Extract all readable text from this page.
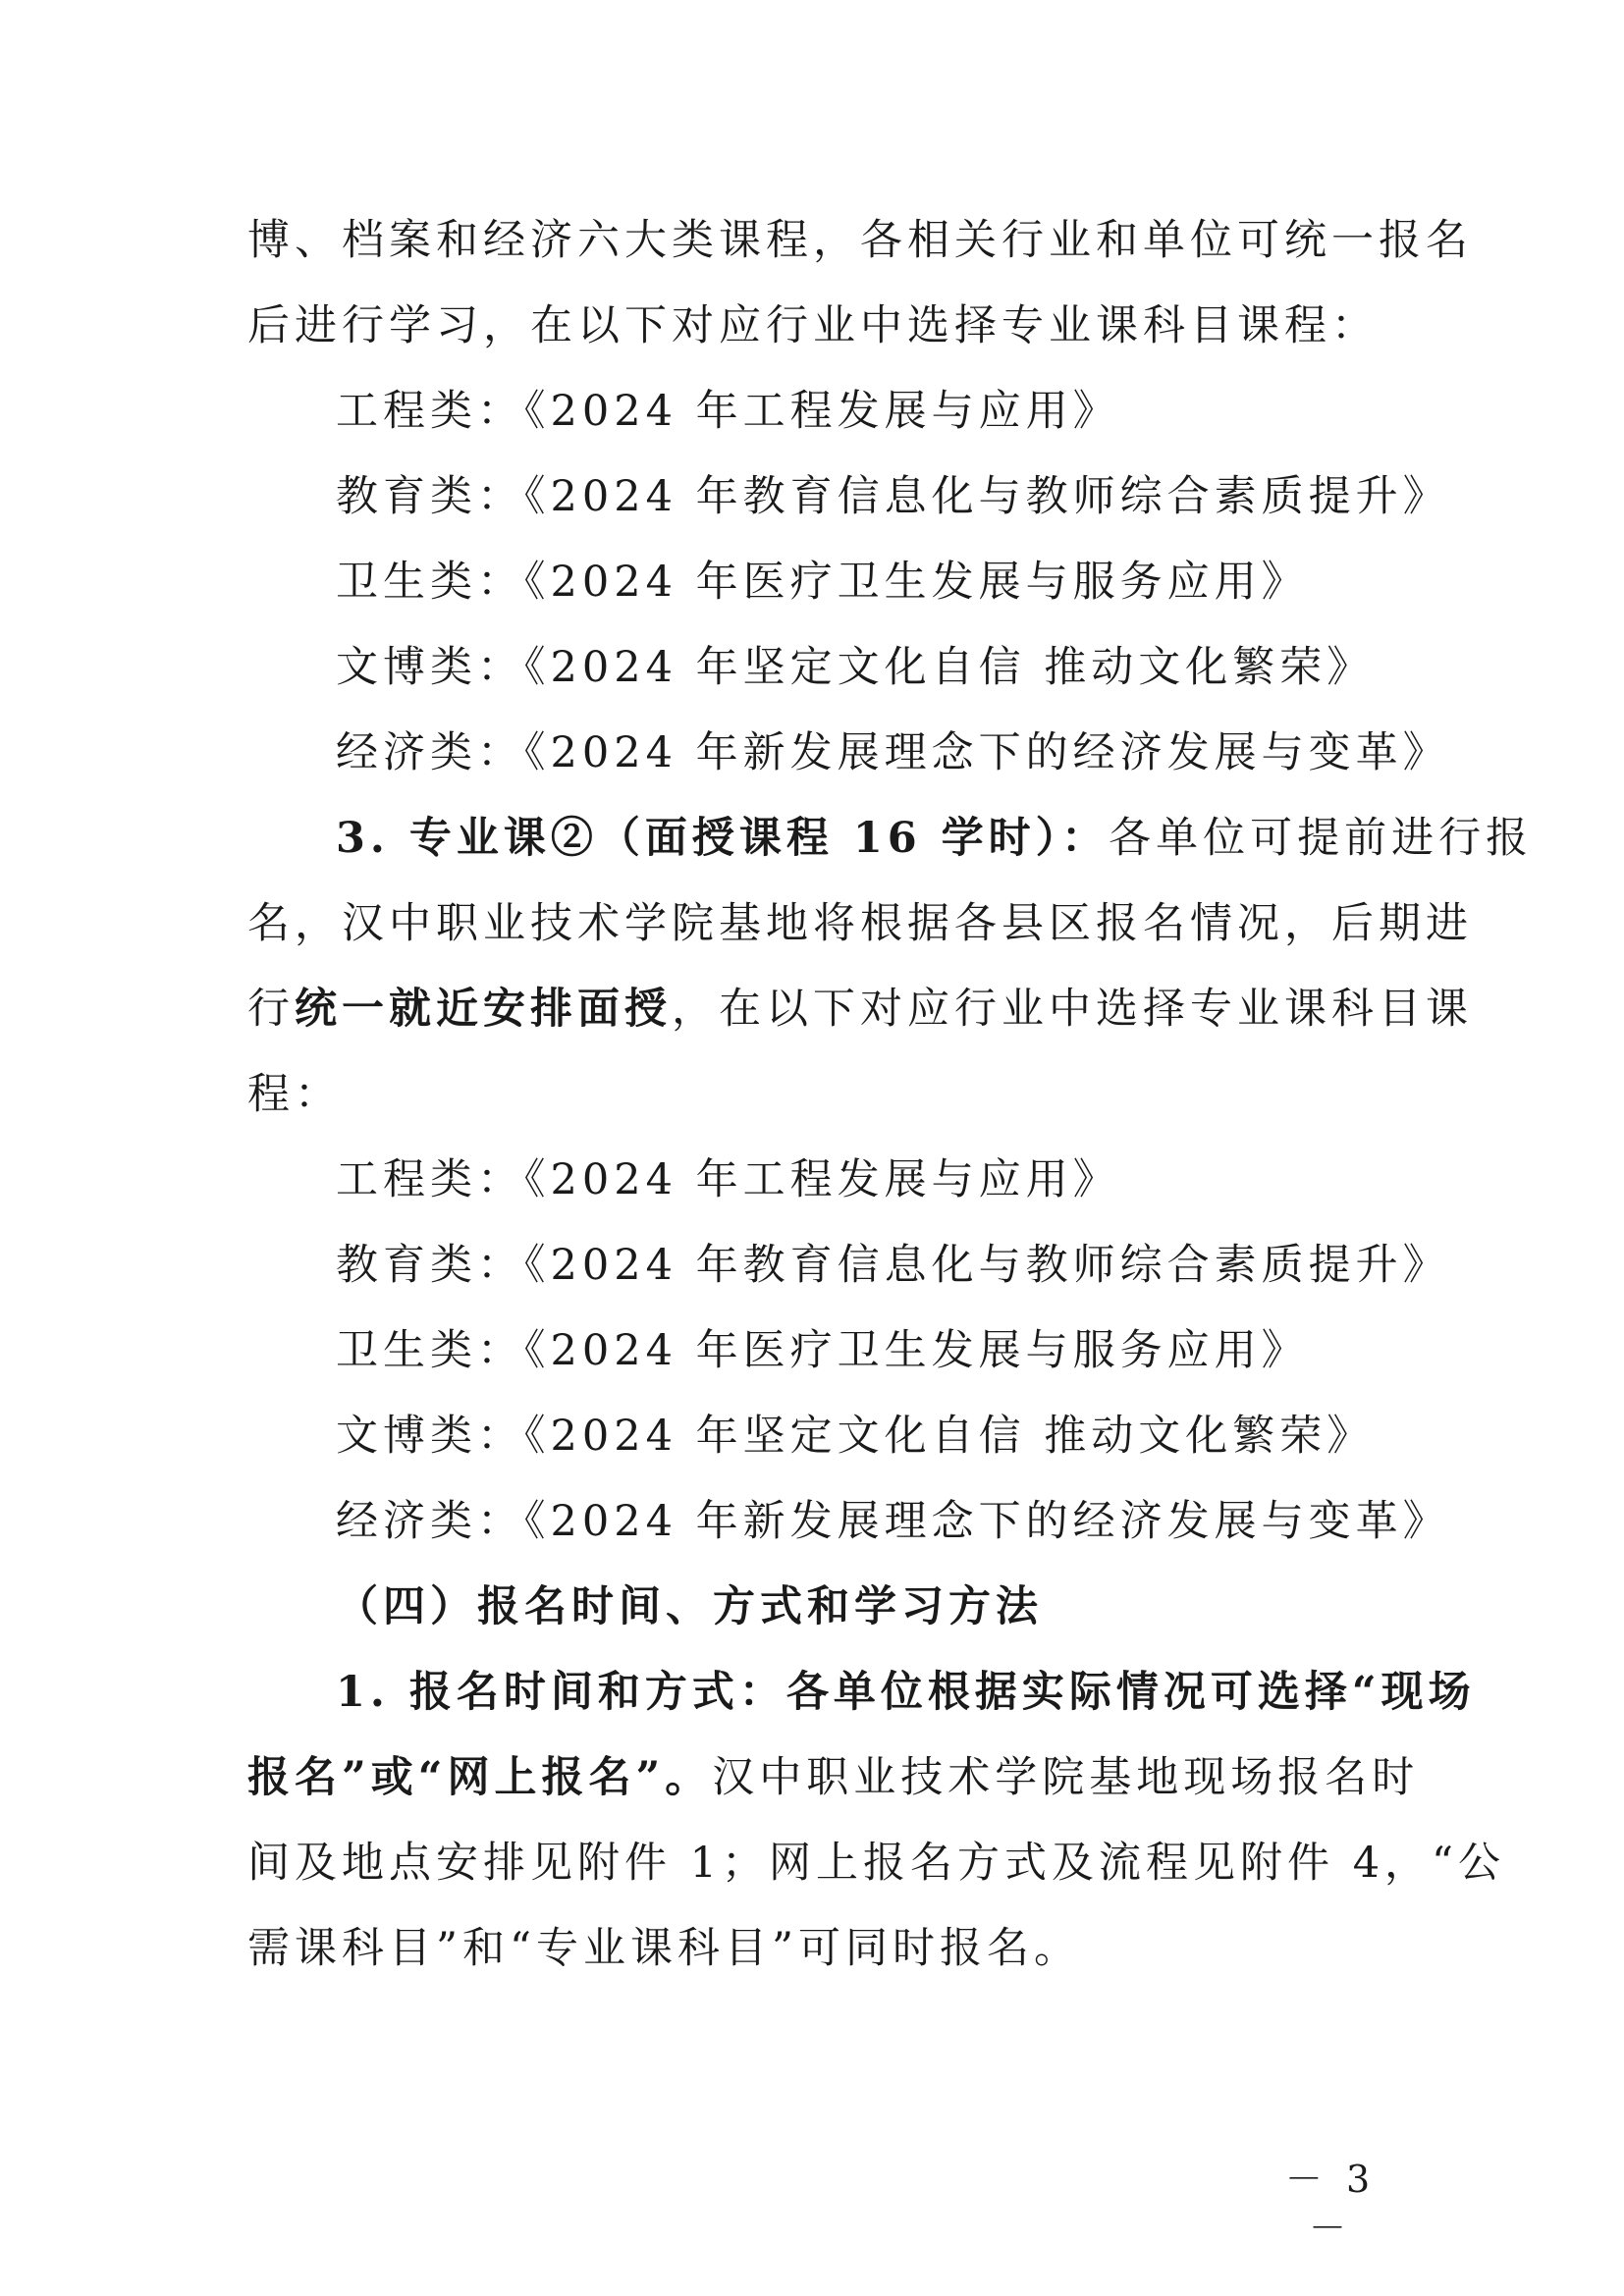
博、档案和经济六大类课程，各相关行业和单位可统一报名
后进行学习，在以下对应行业中选择专业课科目课程：
工程类：《2024 年工程发展与应用》
教育类：《2024 年教育信息化与教师综合素质提升》
卫生类：《2024 年医疗卫生发展与服务应用》
文博类：《2024 年坚定文化自信 推动文化繁荣》
经济类：《2024 年新发展理念下的经济发展与变革》
3. 专业课②（面授课程 16 学时）：各单位可提前进行报
名，汉中职业技术学院基地将根据各县区报名情况，后期进
行统一就近安排面授，在以下对应行业中选择专业课科目课
程：
工程类：《2024 年工程发展与应用》
教育类：《2024 年教育信息化与教师综合素质提升》
卫生类：《2024 年医疗卫生发展与服务应用》
文博类：《2024 年坚定文化自信 推动文化繁荣》
经济类：《2024 年新发展理念下的经济发展与变革》
（四）报名时间、方式和学习方法
1. 报名时间和方式：各单位根据实际情况可选择“现场
报名”或“网上报名”。汉中职业技术学院基地现场报名时
间及地点安排见附件 1；网上报名方式及流程见附件 4，“公
需课科目”和“专业课科目”可同时报名。
－ 3 －
